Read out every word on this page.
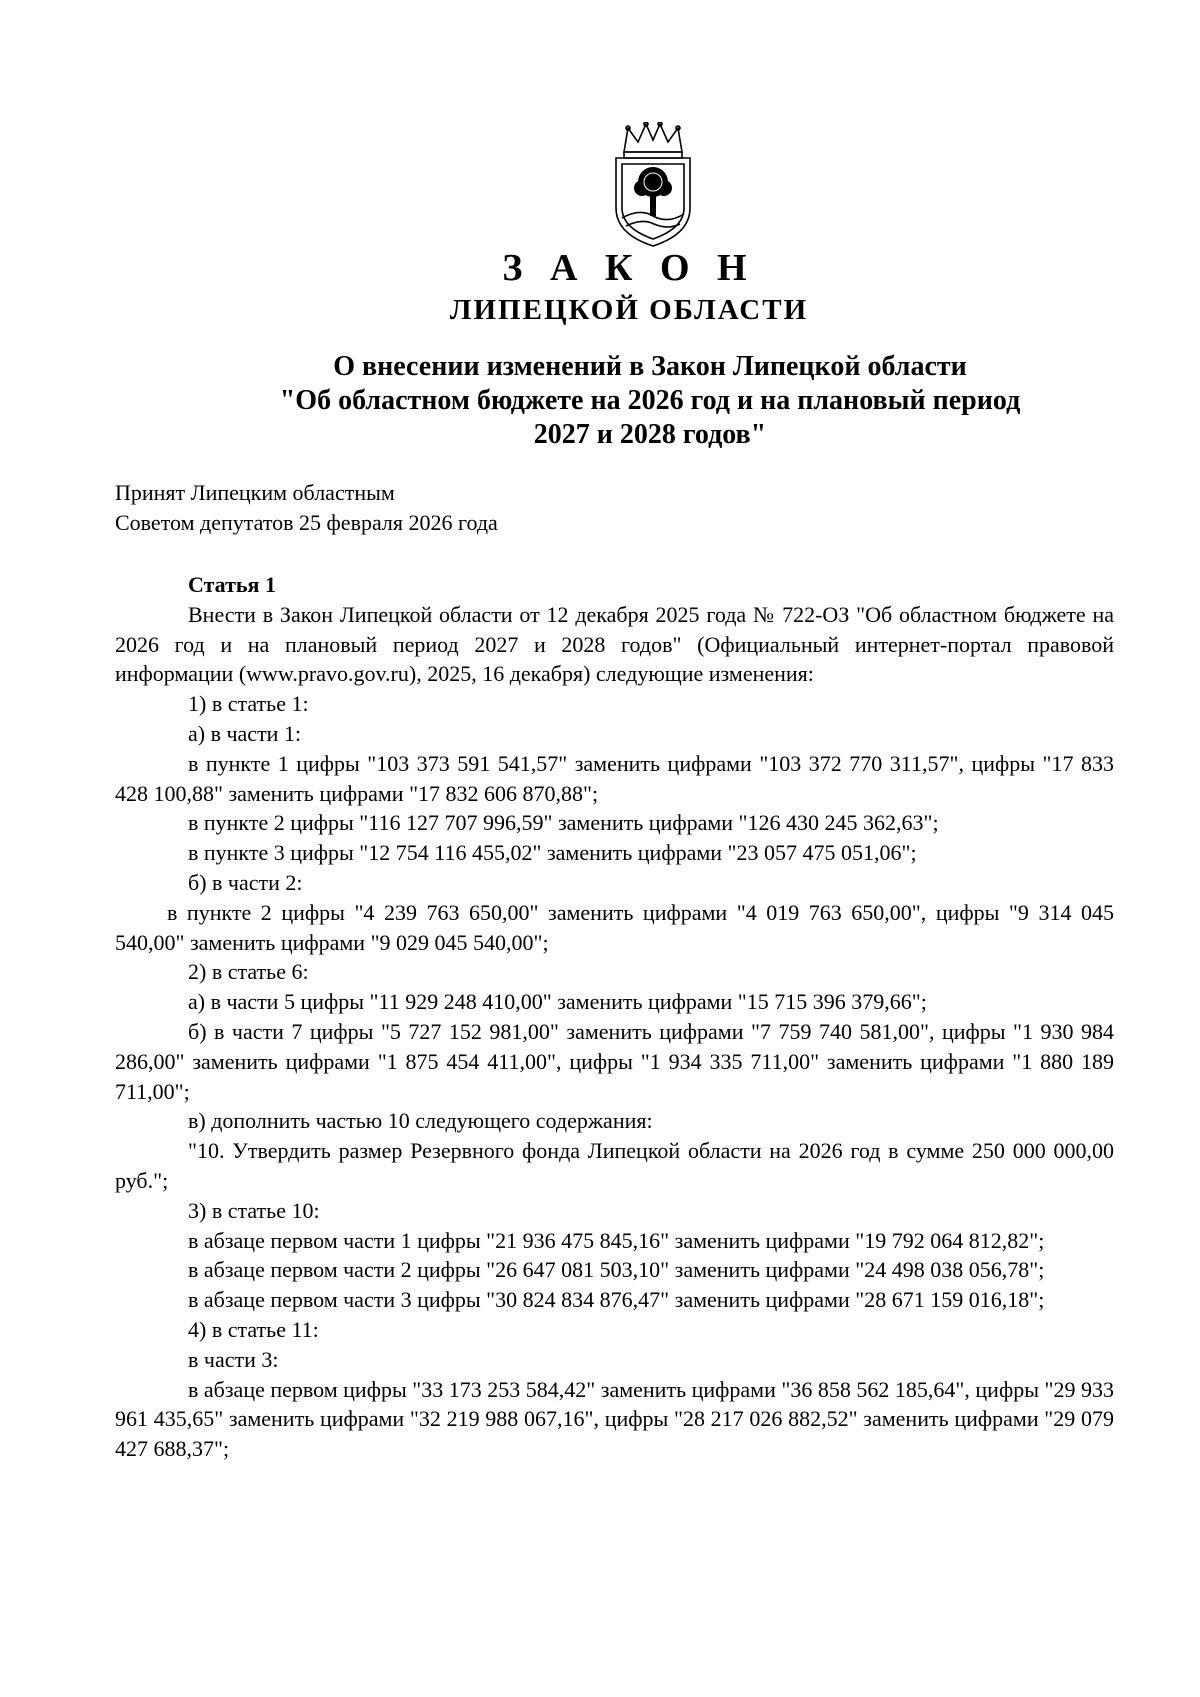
З А К О Н
ЛИПЕЦКОЙ ОБЛАСТИ
О внесении изменений в Закон Липецкой области
"Об областном бюджете на 2026 год и на плановый период
2027 и 2028 годов"
Принят Липецким областным
Советом депутатов 25 февраля 2026 года
Статья 1

Внести в Закон Липецкой области от 12 декабря 2025 года № 722-ОЗ "Об областном бюджете на 2026 год и на плановый период 2027 и 2028 годов" (Официальный интернет-портал правовой информации (www.pravo.gov.ru), 2025, 16 декабря) следующие изменения:

1) в статье 1:

а) в части 1:

в пункте 1 цифры "103 373 591 541,57" заменить цифрами "103 372 770 311,57", цифры "17 833 428 100,88" заменить цифрами "17 832 606 870,88";

в пункте 2 цифры "116 127 707 996,59" заменить цифрами "126 430 245 362,63";

в пункте 3 цифры "12 754 116 455,02" заменить цифрами "23 057 475 051,06";

б) в части 2:

в пункте 2 цифры "4 239 763 650,00" заменить цифрами "4 019 763 650,00", цифры "9 314 045 540,00" заменить цифрами "9 029 045 540,00";

2) в статье 6:

а) в части 5 цифры "11 929 248 410,00" заменить цифрами "15 715 396 379,66";

б) в части 7 цифры "5 727 152 981,00" заменить цифрами "7 759 740 581,00", цифры "1 930 984 286,00" заменить цифрами "1 875 454 411,00", цифры "1 934 335 711,00" заменить цифрами "1 880 189 711,00";

в) дополнить частью 10 следующего содержания:

"10. Утвердить размер Резервного фонда Липецкой области на 2026 год в сумме 250 000 000,00 руб.";

3) в статье 10:

в абзаце первом части 1 цифры "21 936 475 845,16" заменить цифрами "19 792 064 812,82";

в абзаце первом части 2 цифры "26 647 081 503,10" заменить цифрами "24 498 038 056,78";

в абзаце первом части 3 цифры "30 824 834 876,47" заменить цифрами "28 671 159 016,18";

4) в статье 11:

в части 3:

в абзаце первом цифры "33 173 253 584,42" заменить цифрами "36 858 562 185,64", цифры "29 933 961 435,65" заменить цифрами "32 219 988 067,16", цифры "28 217 026 882,52" заменить цифрами "29 079 427 688,37";
